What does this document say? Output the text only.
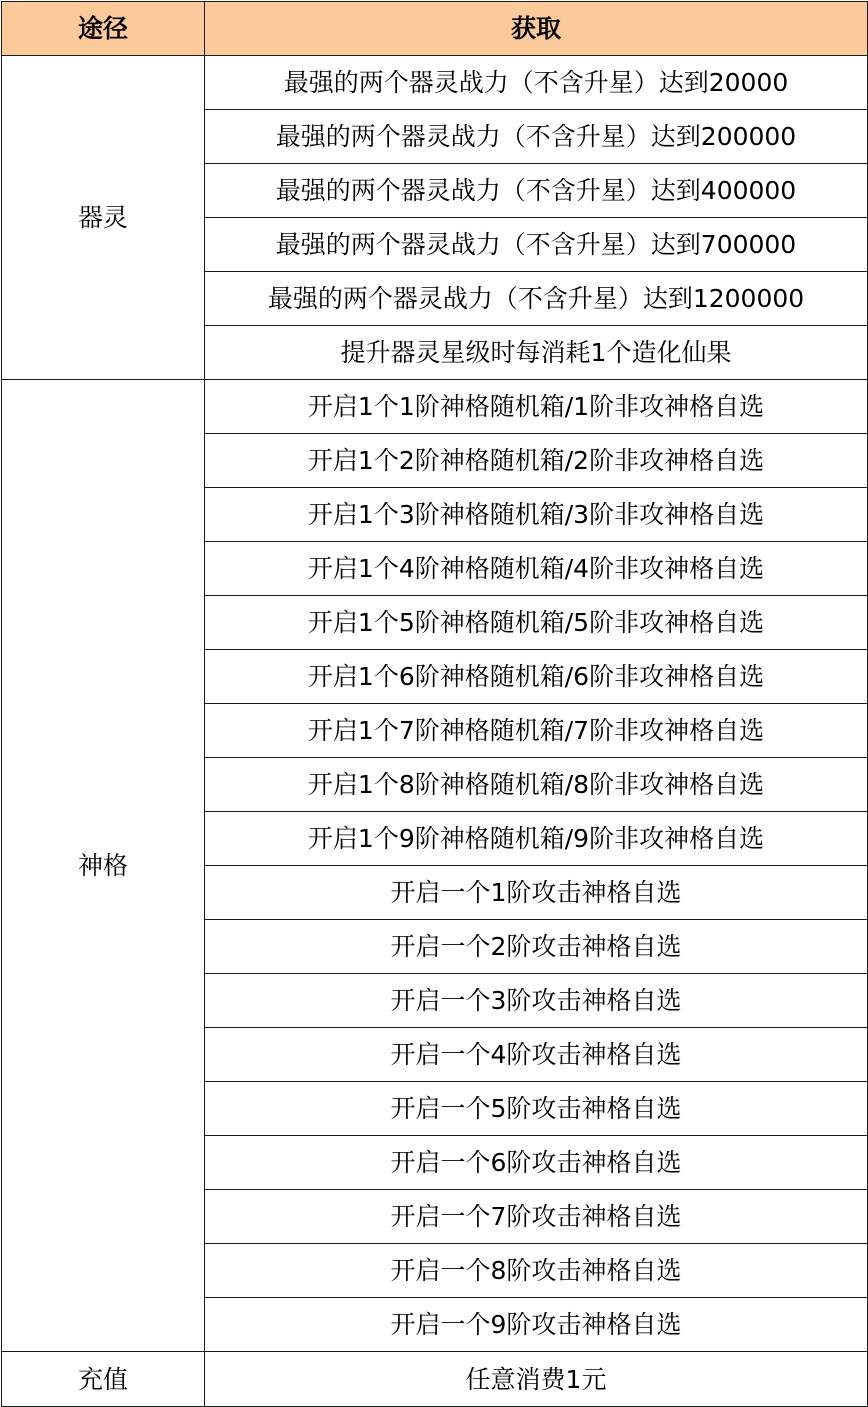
途径	获取
器灵	最强的两个器灵战力（不含升星）达到20000
	最强的两个器灵战力（不含升星）达到200000
	最强的两个器灵战力（不含升星）达到400000
	最强的两个器灵战力（不含升星）达到700000
	最强的两个器灵战力（不含升星）达到1200000
	提升器灵星级时每消耗1个造化仙果
神格	开启1个1阶神格随机箱/1阶非攻神格自选
	开启1个2阶神格随机箱/2阶非攻神格自选
	开启1个3阶神格随机箱/3阶非攻神格自选
	开启1个4阶神格随机箱/4阶非攻神格自选
	开启1个5阶神格随机箱/5阶非攻神格自选
	开启1个6阶神格随机箱/6阶非攻神格自选
	开启1个7阶神格随机箱/7阶非攻神格自选
	开启1个8阶神格随机箱/8阶非攻神格自选
	开启1个9阶神格随机箱/9阶非攻神格自选
	开启一个1阶攻击神格自选
	开启一个2阶攻击神格自选
	开启一个3阶攻击神格自选
	开启一个4阶攻击神格自选
	开启一个5阶攻击神格自选
	开启一个6阶攻击神格自选
	开启一个7阶攻击神格自选
	开启一个8阶攻击神格自选
	开启一个9阶攻击神格自选
充值	任意消费1元
